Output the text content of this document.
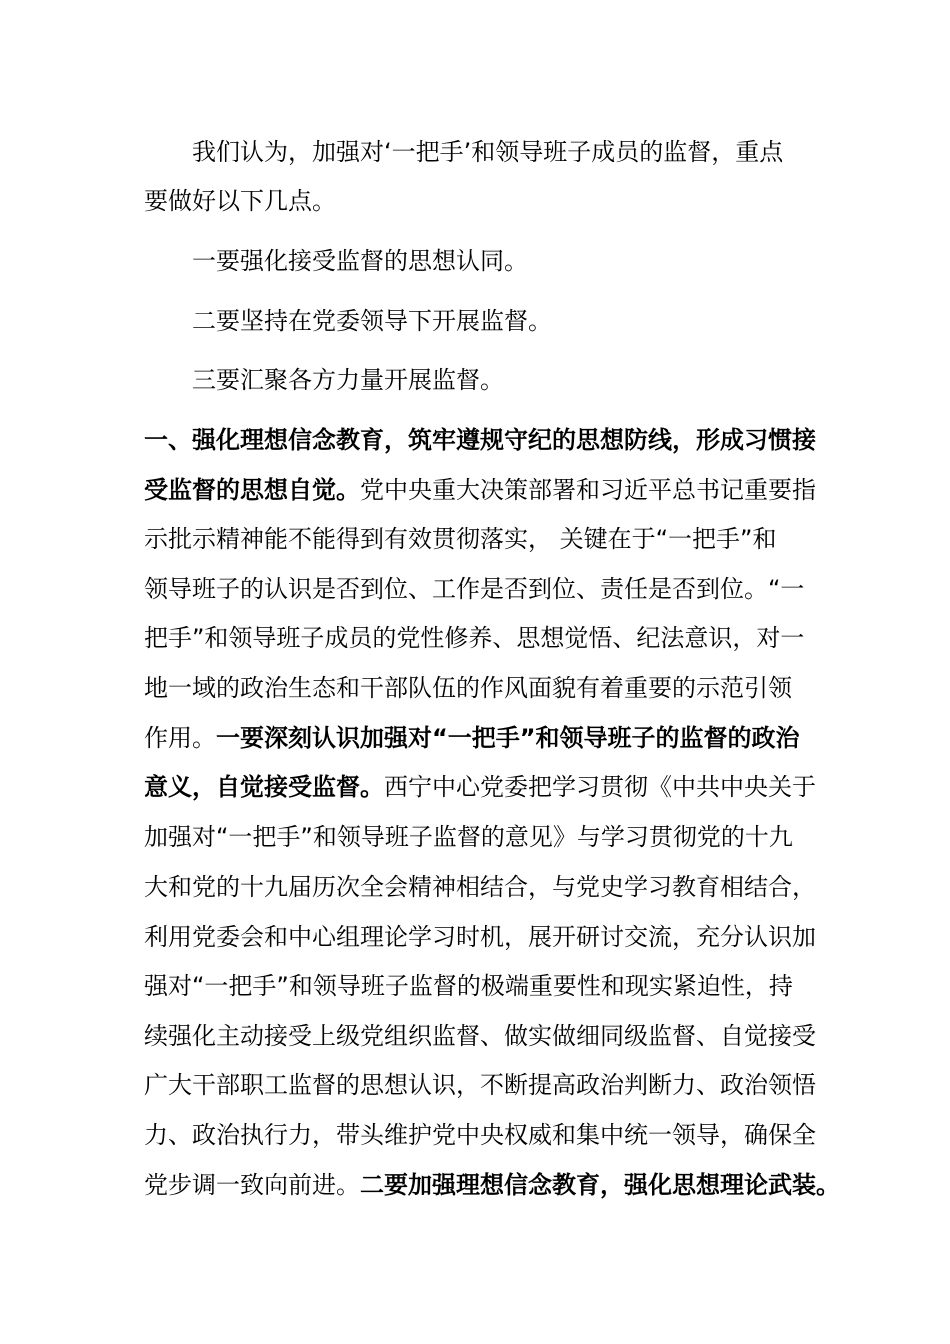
我们认为，加强对‘一把手’和领导班子成员的监督，重点
要做好以下几点。
一要强化接受监督的思想认同。
二要坚持在党委领导下开展监督。
三要汇聚各方力量开展监督。
一、强化理想信念教育，筑牢遵规守纪的思想防线，形成习惯接
受监督的思想自觉。党中央重大决策部署和习近平总书记重要指
示批示精神能不能得到有效贯彻落实， 关键在于“一把手”和
领导班子的认识是否到位、工作是否到位、责任是否到位。“一
把手”和领导班子成员的党性修养、思想觉悟、纪法意识，对一
地一域的政治生态和干部队伍的作风面貌有着重要的示范引领
作用。一要深刻认识加强对“一把手”和领导班子的监督的政治
意义，自觉接受监督。西宁中心党委把学习贯彻《中共中央关于
加强对“一把手”和领导班子监督的意见》与学习贯彻党的十九
大和党的十九届历次全会精神相结合，与党史学习教育相结合，
利用党委会和中心组理论学习时机，展开研讨交流，充分认识加
强对“一把手”和领导班子监督的极端重要性和现实紧迫性，持
续强化主动接受上级党组织监督、做实做细同级监督、自觉接受
广大干部职工监督的思想认识，不断提高政治判断力、政治领悟
力、政治执行力，带头维护党中央权威和集中统一领导，确保全
党步调一致向前进。二要加强理想信念教育，强化思想理论武装。
